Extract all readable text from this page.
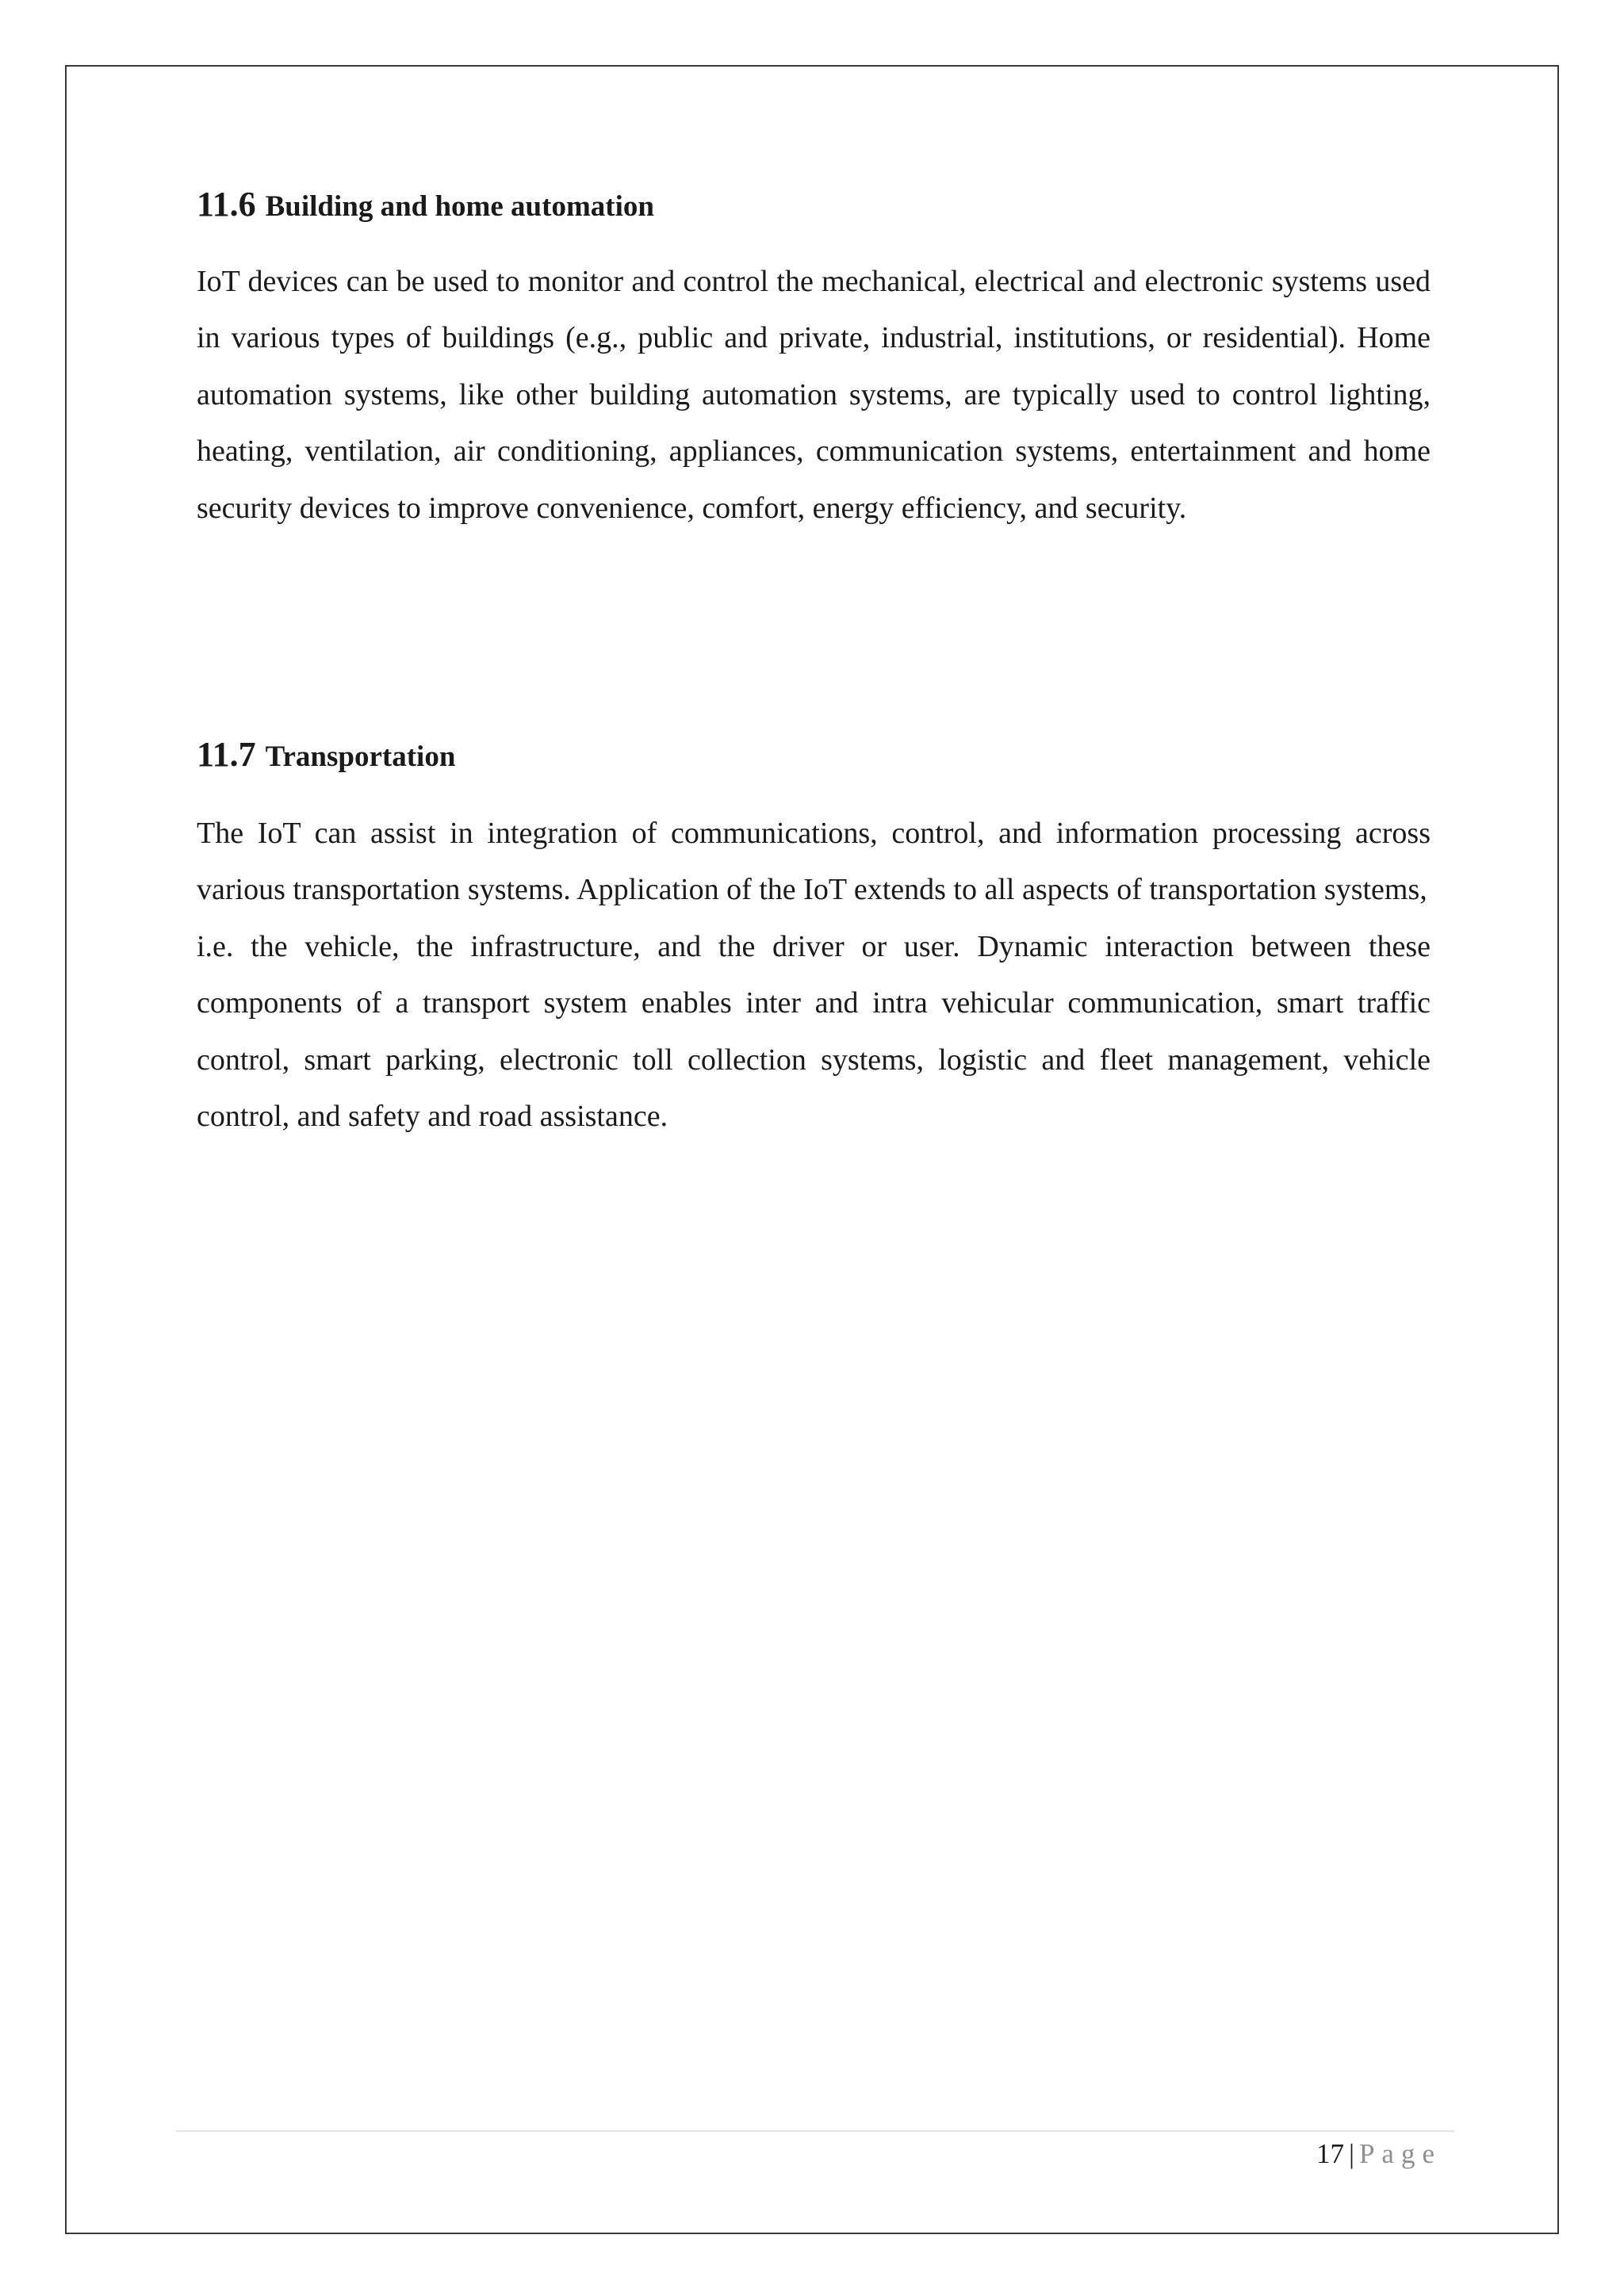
11.6 Building and home automation

IoT devices can be used to monitor and control the mechanical, electrical and electronic systems used in various types of buildings (e.g., public and private, industrial, institutions, or residential). Home automation systems, like other building automation systems, are typically used to control lighting, heating, ventilation, air conditioning, appliances, communication systems, entertainment and home security devices to improve convenience, comfort, energy efficiency, and security.

11.7 Transportation

The IoT can assist in integration of communications, control, and information processing across various transportation systems. Application of the IoT extends to all aspects of transportation systems,

i.e. the vehicle, the infrastructure, and the driver or user. Dynamic interaction between these components of a transport system enables inter and intra vehicular communication, smart traffic control, smart parking, electronic toll collection systems, logistic and fleet management, vehicle control, and safety and road assistance.

17 | Page
